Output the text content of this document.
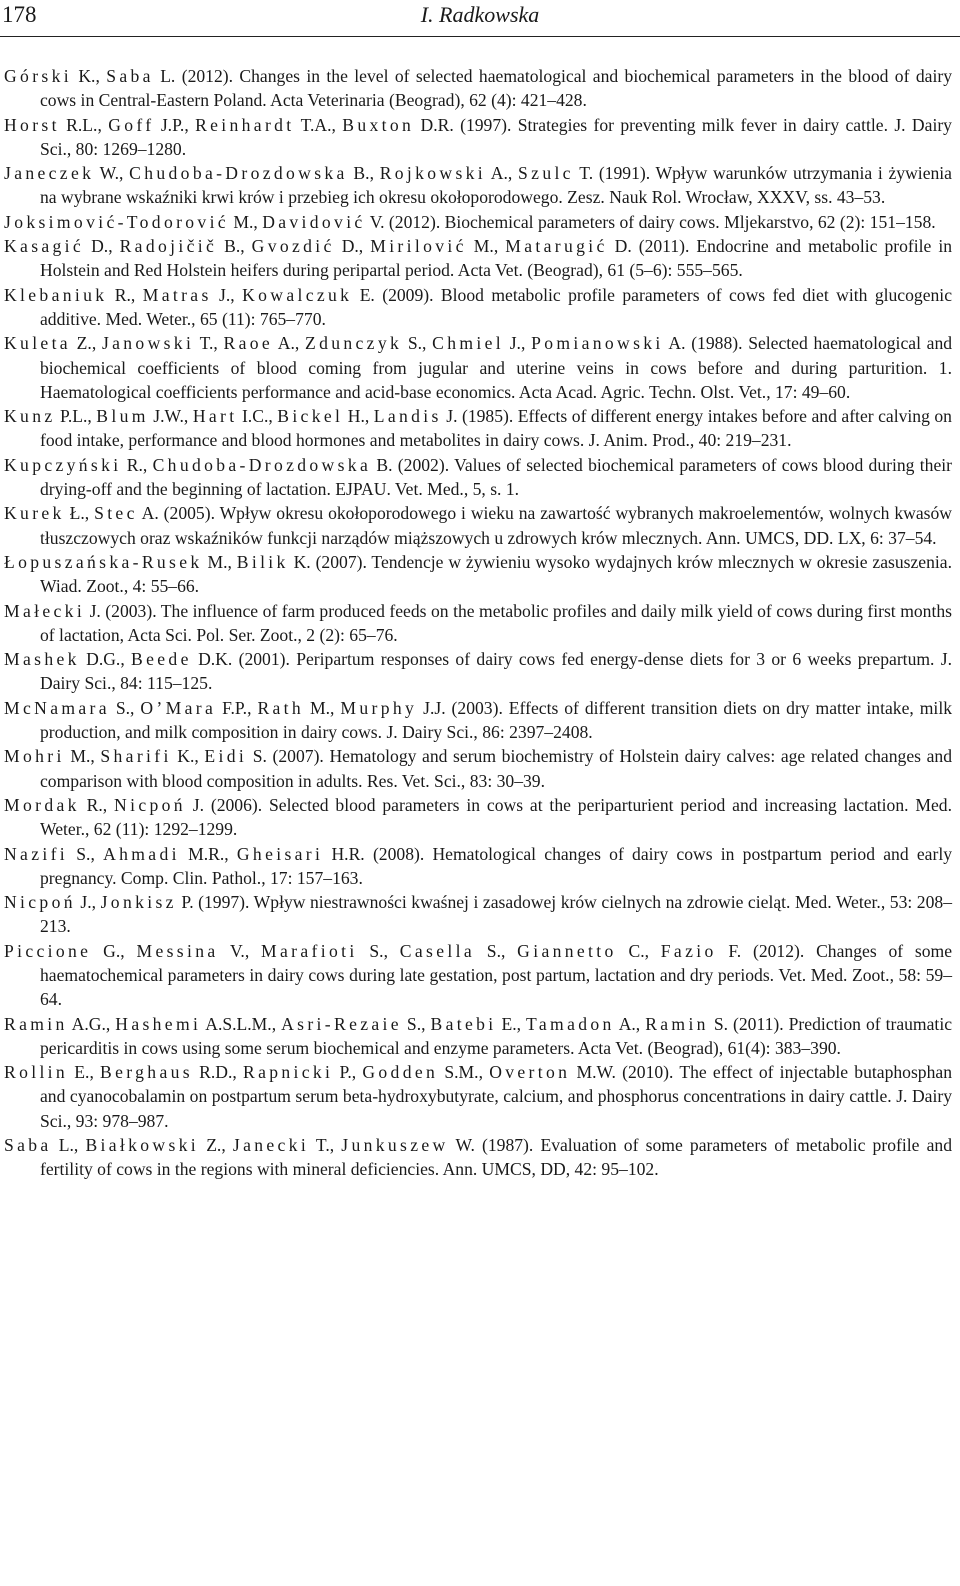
178	I. Radkowska
Górski K., Saba L. (2012). Changes in the level of selected haematological and biochemical parameters in the blood of dairy cows in Central-Eastern Poland. Acta Veterinaria (Beograd), 62 (4): 421–428.
Horst R.L., Goff J.P., Reinhardt T.A., Buxton D.R. (1997). Strategies for preventing milk fever in dairy cattle. J. Dairy Sci., 80: 1269–1280.
Janeczek W., Chudoba-Drozdowska B., Rojkowski A., Szulc T. (1991). Wpływ warunków utrzymania i żywienia na wybrane wskaźniki krwi krów i przebieg ich okresu okołoporodowego. Zesz. Nauk Rol. Wrocław, XXXV, ss. 43–53.
Joksimović-Todorović M., Davidović V. (2012). Biochemical parameters of dairy cows. Mljekarstvo, 62 (2): 151–158.
Kasagić D., Radojičič B., Gvozdić D., Mirilović M., Matarugić D. (2011). Endocrine and metabolic profile in Holstein and Red Holstein heifers during peripartal period. Acta Vet. (Beograd), 61 (5–6): 555–565.
Klebaniuk R., Matras J., Kowalczuk E. (2009). Blood metabolic profile parameters of cows fed diet with glucogenic additive. Med. Weter., 65 (11): 765–770.
Kuleta Z., Janowski T., Raoe A., Zdunczyk S., Chmiel J., Pomianowski A. (1988). Selected haematological and biochemical coefficients of blood coming from jugular and uterine veins in cows before and during parturition. 1. Haematological coefficients performance and acid-base economics. Acta Acad. Agric. Techn. Olst. Vet., 17: 49–60.
Kunz P.L., Blum J.W., Hart I.C., Bickel H., Landis J. (1985). Effects of different energy intakes before and after calving on food intake, performance and blood hormones and metabolites in dairy cows. J. Anim. Prod., 40: 219–231.
Kupczyński R., Chudoba-Drozdowska B. (2002). Values of selected biochemical parameters of cows blood during their drying-off and the beginning of lactation. EJPAU. Vet. Med., 5, s. 1.
Kurek Ł., Stec A. (2005). Wpływ okresu okołoporodowego i wieku na zawartość wybranych makroelementów, wolnych kwasów tłuszczowych oraz wskaźników funkcji narządów miąższowych u zdrowych krów mlecznych. Ann. UMCS, DD. LX, 6: 37–54.
Łopuszańska-Rusek M., Bilik K. (2007). Tendencje w żywieniu wysoko wydajnych krów mlecznych w okresie zasuszenia. Wiad. Zoot., 4: 55–66.
Małecki J. (2003). The influence of farm produced feeds on the metabolic profiles and daily milk yield of cows during first months of lactation, Acta Sci. Pol. Ser. Zoot., 2 (2): 65–76.
Mashek D.G., Beede D.K. (2001). Peripartum responses of dairy cows fed energy-dense diets for 3 or 6 weeks prepartum. J. Dairy Sci., 84: 115–125.
McNamara S., O’Mara F.P., Rath M., Murphy J.J. (2003). Effects of different transition diets on dry matter intake, milk production, and milk composition in dairy cows. J. Dairy Sci., 86: 2397–2408.
Mohri M., Sharifi K., Eidi S. (2007). Hematology and serum biochemistry of Holstein dairy calves: age related changes and comparison with blood composition in adults. Res. Vet. Sci., 83: 30–39.
Mordak R., Nicpoń J. (2006). Selected blood parameters in cows at the periparturient period and increasing lactation. Med. Weter., 62 (11): 1292–1299.
Nazifi S., Ahmadi M.R., Gheisari H.R. (2008). Hematological changes of dairy cows in postpartum period and early pregnancy. Comp. Clin. Pathol., 17: 157–163.
Nicpoń J., Jonkisz P. (1997). Wpływ niestrawności kwaśnej i zasadowej krów cielnych na zdrowie cieląt. Med. Weter., 53: 208–213.
Piccione G., Messina V., Marafioti S., Casella S., Giannetto C., Fazio F. (2012). Changes of some haematochemical parameters in dairy cows during late gestation, post partum, lactation and dry periods. Vet. Med. Zoot., 58: 59–64.
Ramin A.G., Hashemi A.S.L.M., Asri-Rezaie S., Batebi E., Tamadon A., Ramin S. (2011). Prediction of traumatic pericarditis in cows using some serum biochemical and enzyme parameters. Acta Vet. (Beograd), 61(4): 383–390.
Rollin E., Berghaus R.D., Rapnicki P., Godden S.M., Overton M.W. (2010). The effect of injectable butaphosphan and cyanocobalamin on postpartum serum beta-hydroxybutyrate, calcium, and phosphorus concentrations in dairy cattle. J. Dairy Sci., 93: 978–987.
Saba L., Białkowski Z., Janecki T., Junkuszew W. (1987). Evaluation of some parameters of metabolic profile and fertility of cows in the regions with mineral deficiencies. Ann. UMCS, DD, 42: 95–102.
